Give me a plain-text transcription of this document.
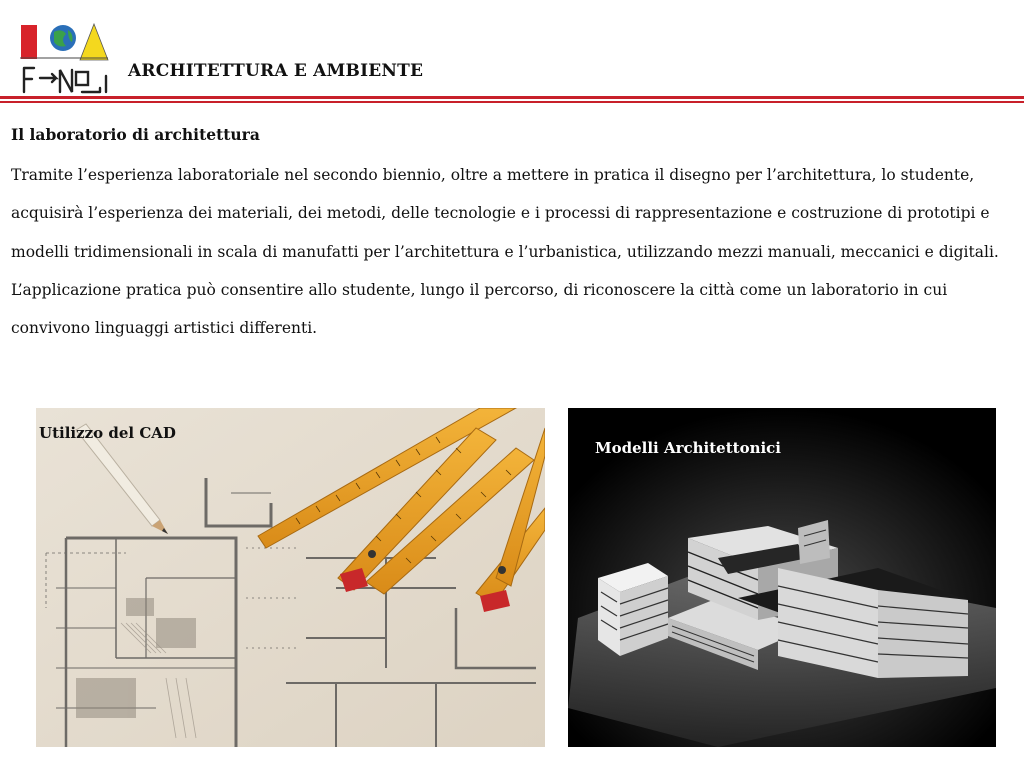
FANO
ARCHITETTURA E AMBIENTE
Il laboratorio di architettura

Tramite l’esperienza laboratoriale nel secondo biennio, oltre a mettere in pratica il disegno per l’architettura, lo studente, acquisirà l’esperienza dei materiali, dei metodi, delle tecnologie e i processi di rappresentazione e costruzione di prototipi e modelli tridimensionali in scala di manufatti per l’architettura e l’urbanistica, utilizzando mezzi manuali, meccanici e digitali. L’applicazione pratica può consentire allo studente, lungo il percorso, di riconoscere la città come un laboratorio in cui convivono linguaggi artistici differenti.

Utilizzo del CAD
Modelli Architettonici
